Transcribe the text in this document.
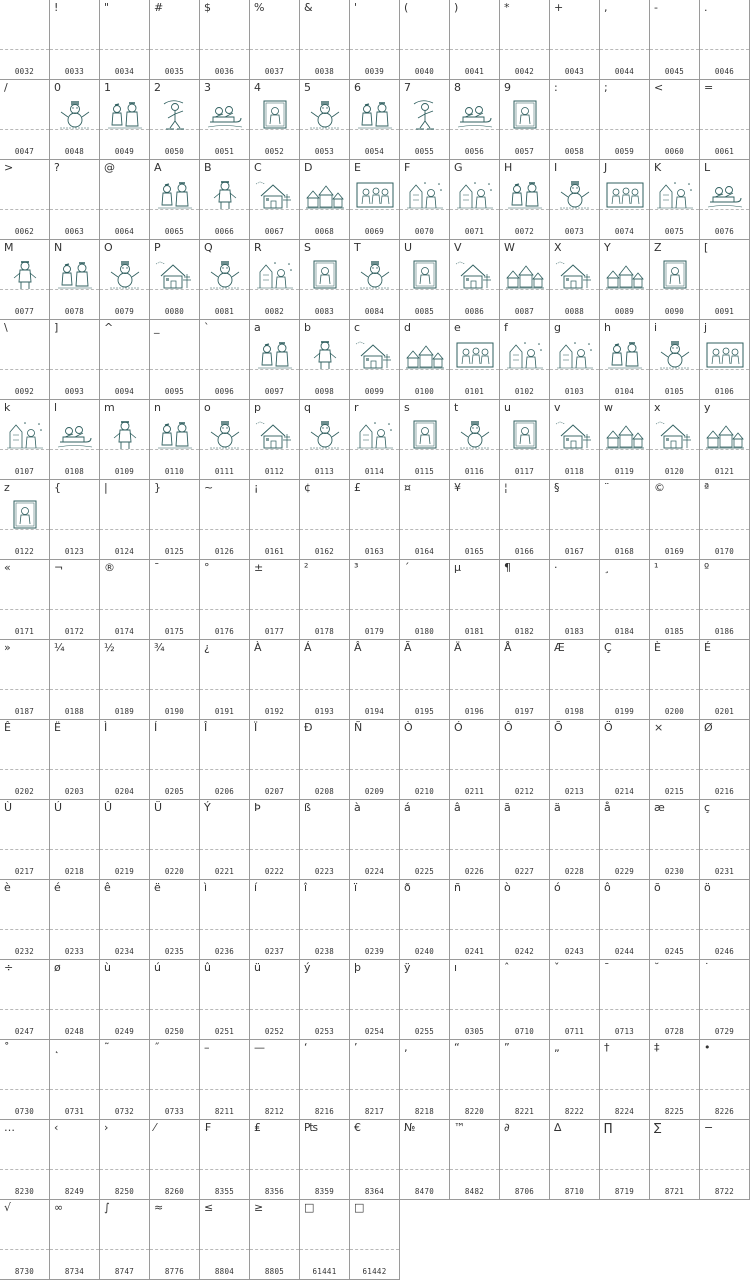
0032
!
0033
"
0034
#
0035
$
0036
%
0037
&
0038
'
0039
(
0040
)
0041
*
0042
+
0043
,
0044
-
0045
.
0046
/
0047
0
0048
1
0049
2
0050
3
0051
4
0052
5
0053
6
0054
7
0055
8
0056
9
0057
:
0058
;
0059
<
0060
=
0061
>
0062
?
0063
@
0064
A
0065
B
0066
C
0067
D
0068
E
0069
F
0070
G
0071
H
0072
I
0073
J
0074
K
0075
L
0076
M
0077
N
0078
O
0079
P
0080
Q
0081
R
0082
S
0083
T
0084
U
0085
V
0086
W
0087
X
0088
Y
0089
Z
0090
[
0091
\
0092
]
0093
^
0094
_
0095
`
0096
a
0097
b
0098
c
0099
d
0100
e
0101
f
0102
g
0103
h
0104
i
0105
j
0106
k
0107
l
0108
m
0109
n
0110
o
0111
p
0112
q
0113
r
0114
s
0115
t
0116
u
0117
v
0118
w
0119
x
0120
y
0121
z
0122
{
0123
|
0124
}
0125
~
0126
¡
0161
¢
0162
£
0163
¤
0164
¥
0165
¦
0166
§
0167
¨
0168
©
0169
ª
0170
«
0171
¬
0172
®
0174
¯
0175
°
0176
±
0177
²
0178
³
0179
´
0180
µ
0181
¶
0182
·
0183
¸
0184
¹
0185
º
0186
»
0187
¼
0188
½
0189
¾
0190
¿
0191
À
0192
Á
0193
Â
0194
Ã
0195
Ä
0196
Å
0197
Æ
0198
Ç
0199
È
0200
É
0201
Ê
0202
Ë
0203
Ì
0204
Í
0205
Î
0206
Ï
0207
Ð
0208
Ñ
0209
Ò
0210
Ó
0211
Ô
0212
Õ
0213
Ö
0214
×
0215
Ø
0216
Ù
0217
Ú
0218
Û
0219
Ü
0220
Ý
0221
Þ
0222
ß
0223
à
0224
á
0225
â
0226
ã
0227
ä
0228
å
0229
æ
0230
ç
0231
è
0232
é
0233
ê
0234
ë
0235
ì
0236
í
0237
î
0238
ï
0239
ð
0240
ñ
0241
ò
0242
ó
0243
ô
0244
õ
0245
ö
0246
÷
0247
ø
0248
ù
0249
ú
0250
û
0251
ü
0252
ý
0253
þ
0254
ÿ
0255
ı
0305
ˆ
0710
ˇ
0711
ˉ
0713
˘
0728
˙
0729
˚
0730
˛
0731
˜
0732
˝
0733
–
8211
—
8212
‘
8216
’
8217
‚
8218
“
8220
”
8221
„
8222
†
8224
‡
8225
•
8226
…
8230
‹
8249
›
8250
⁄
8260
₣
8355
₤
8356
₧
8359
€
8364
№
8470
™
8482
∂
8706
∆
8710
∏
8719
∑
8721
−
8722
√
8730
∞
8734
∫
8747
≈
8776
≤
8804
≥
8805
□
61441
□
61442
